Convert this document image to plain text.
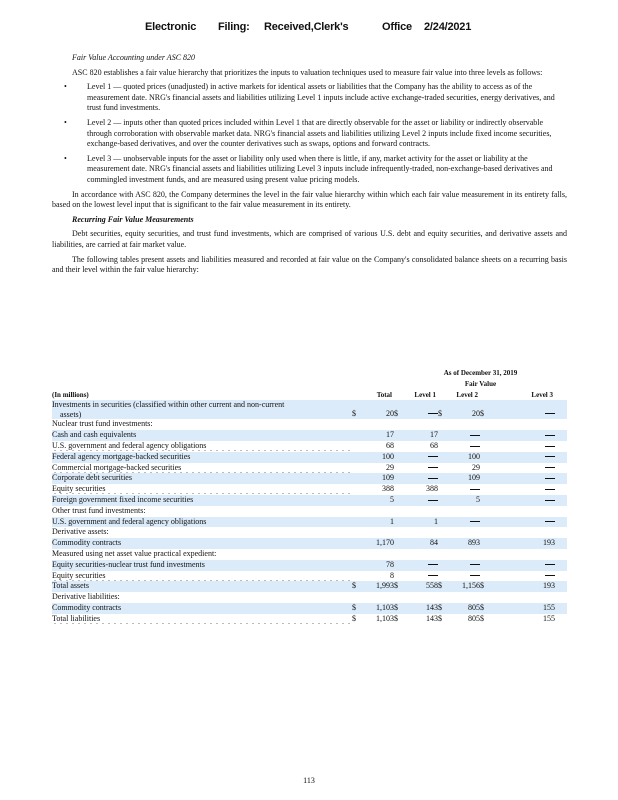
Electronic Filing: Received,Clerk's	Office 2/24/2021
Fair Value Accounting under ASC 820

ASC 820 establishes a fair value hierarchy that prioritizes the inputs to valuation techniques used to measure fair value into three levels as follows:

• Level 1 — quoted prices (unadjusted) in active markets for identical assets or liabilities that the Company has the ability to access as of the measurement date. NRG's financial assets and liabilities utilizing Level 1 inputs include active exchange-traded securities, energy derivatives, and trust fund investments.
• Level 2 — inputs other than quoted prices included within Level 1 that are directly observable for the asset or liability or indirectly observable through corroboration with observable market data. NRG's financial assets and liabilities utilizing Level 2 inputs include fixed income securities, exchange-based derivatives, and over the counter derivatives such as swaps, options and forward contracts.
• Level 3 — unobservable inputs for the asset or liability only used when there is little, if any, market activity for the asset or liability at the measurement date. NRG's financial assets and liabilities utilizing Level 3 inputs include infrequently-traded, non-exchange-based derivatives and commingled investment funds, and are measured using present value pricing models.

In accordance with ASC 820, the Company determines the level in the fair value hierarchy within which each fair value measurement in its entirety falls, based on the lowest level input that is significant to the fair value measurement in its entirety.

Recurring Fair Value Measurements

Debt securities, equity securities, and trust fund investments, which are comprised of various U.S. debt and equity securities, and derivative assets and liabilities, are carried at fair market value.

The following tables present assets and liabilities measured and recorded at fair value on the Company's consolidated balance sheets on a recurring basis and their level within the fair value hierarchy:

			As of December 31, 2019					
			Fair Value					
(In millions)	Total		Level 1		Level 2		Level 3	
Investments in securities (classified within other current and non-current
assets)	$	20	$		$	20	$	
Nuclear trust fund investments:								
Cash and cash equivalents		17		17				
U.S. government and federal agency obligations		68		68				
Federal agency mortgage-backed securities		100				100		
Commercial mortgage-backed securities		29				29		
Corporate debt securities		109				109		
Equity securities		388		388				
Foreign government fixed income securities		5				5		
Other trust fund investments:								
U.S. government and federal agency obligations		1		1				
Derivative assets:								
Commodity contracts		1,170		84		893		193
Measured using net asset value practical expedient:								
Equity securities-nuclear trust fund investments		78						
Equity securities		8						
Total assets	$	1,993	$	558	$	1,156	$	193
Derivative liabilities:								
Commodity contracts	$	1,103	$	143	$	805	$	155
Total liabilities	$	1,103	$	143	$	805	$	155
113
